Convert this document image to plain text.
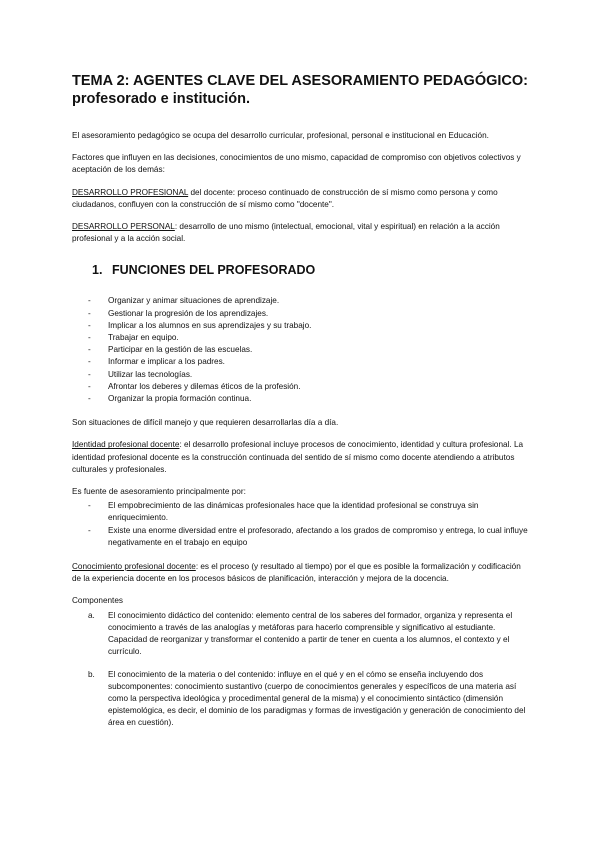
TEMA 2: AGENTES CLAVE DEL ASESORAMIENTO PEDAGÓGICO:
profesorado e institución.

El asesoramiento pedagógico se ocupa del desarrollo curricular, profesional, personal e institucional en Educación.

Factores que influyen en las decisiones, conocimientos de uno mismo, capacidad de compromiso con objetivos colectivos y aceptación de los demás:

DESARROLLO PROFESIONAL del docente: proceso continuado de construcción de sí mismo como persona y como ciudadanos, confluyen con la construcción de sí mismo como "docente".

DESARROLLO PERSONAL: desarrollo de uno mismo (intelectual, emocional, vital y espiritual) en relación a la acción profesional y a la acción social.

1. FUNCIONES DEL PROFESORADO
- Organizar y animar situaciones de aprendizaje.
- Gestionar la progresión de los aprendizajes.
- Implicar a los alumnos en sus aprendizajes y su trabajo.
- Trabajar en equipo.
- Participar en la gestión de las escuelas.
- Informar e implicar a los padres.
- Utilizar las tecnologías.
- Afrontar los deberes y dilemas éticos de la profesión.
- Organizar la propia formación continua.

Son situaciones de difícil manejo y que requieren desarrollarlas día a día.

Identidad profesional docente: el desarrollo profesional incluye procesos de conocimiento, identidad y cultura profesional. La identidad profesional docente es la construcción continuada del sentido de sí mismo como docente atendiendo a atributos culturales y profesionales.

Es fuente de asesoramiento principalmente por:

- El empobrecimiento de las dinámicas profesionales hace que la identidad profesional se construya sin enriquecimiento.
- Existe una enorme diversidad entre el profesorado, afectando a los grados de compromiso y entrega, lo cual influye negativamente en el trabajo en equipo

Conocimiento profesional docente: es el proceso (y resultado al tiempo) por el que es posible la formalización y codificación de la experiencia docente en los procesos básicos de planificación, interacción y mejora de la docencia.

Componentes

a. El conocimiento didáctico del contenido: elemento central de los saberes del formador, organiza y representa el conocimiento a través de las analogías y metáforas para hacerlo comprensible y significativo al estudiante. Capacidad de reorganizar y transformar el contenido a partir de tener en cuenta a los alumnos, el contexto y el currículo.
b. El conocimiento de la materia o del contenido: influye en el qué y en el cómo se enseña incluyendo dos subcomponentes: conocimiento sustantivo (cuerpo de conocimientos generales y específicos de una materia así como la perspectiva ideológica y procedimental general de la misma) y el conocimiento sintáctico (dimensión epistemológica, es decir, el dominio de los paradigmas y formas de investigación y generación de conocimiento del área en cuestión).
